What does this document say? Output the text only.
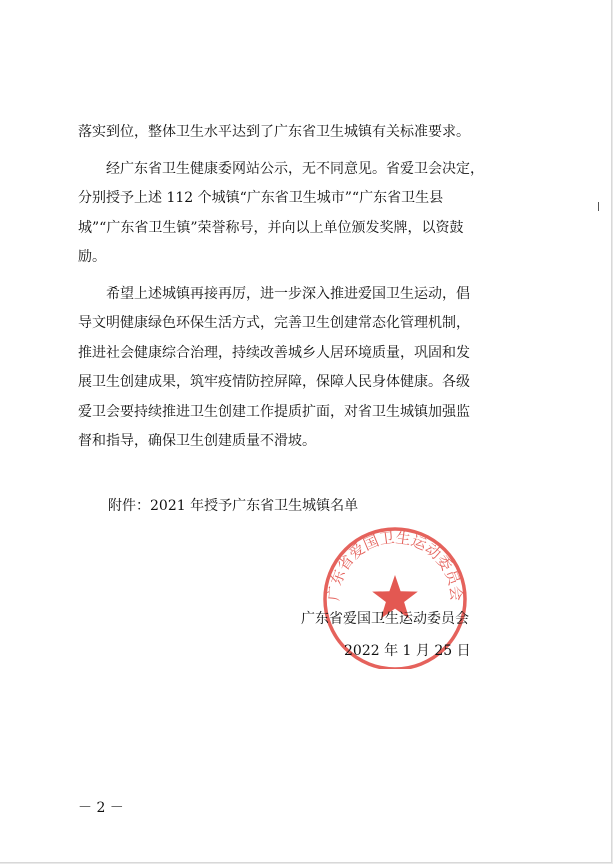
落实到位，整体卫生水平达到了广东省卫生城镇有关标准要求。

　　经广东省卫生健康委网站公示，无不同意见。省爱卫会决定，
分别授予上述 112 个城镇“广东省卫生城市”“广东省卫生县
城”“广东省卫生镇”荣誉称号，并向以上单位颁发奖牌，以资鼓
励。

　　希望上述城镇再接再厉，进一步深入推进爱国卫生运动，倡
导文明健康绿色环保生活方式，完善卫生创建常态化管理机制，
推进社会健康综合治理，持续改善城乡人居环境质量，巩固和发
展卫生创建成果，筑牢疫情防控屏障，保障人民身体健康。各级
爱卫会要持续推进卫生创建工作提质扩面，对省卫生城镇加强监
督和指导，确保卫生创建质量不滑坡。

附件：2021 年授予广东省卫生城镇名单
广东省爱国卫生运动委员会
广东省爱国卫生运动委员会
2022 年 1 月 25 日
－ 2 －
